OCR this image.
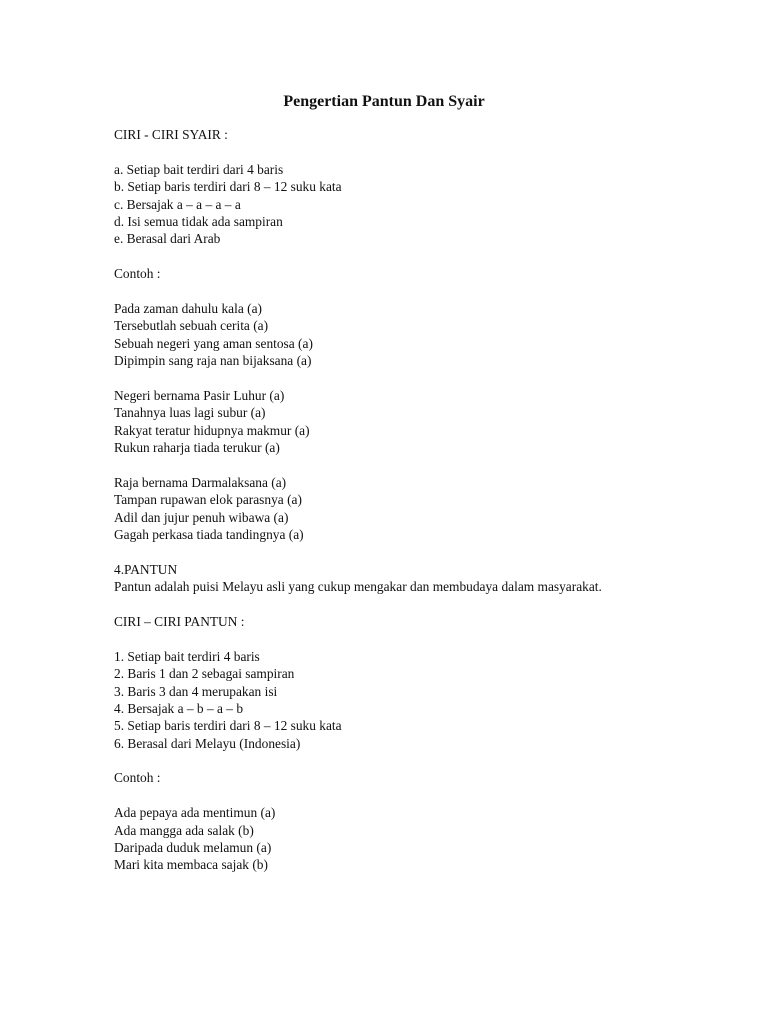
Pengertian Pantun Dan Syair
CIRI - CIRI SYAIR :
a. Setiap bait terdiri dari 4 baris
b. Setiap baris terdiri dari 8 – 12 suku kata
c. Bersajak a – a – a – a
d. Isi semua tidak ada sampiran
e. Berasal dari Arab
Contoh :
Pada zaman dahulu kala (a)
Tersebutlah sebuah cerita (a)
Sebuah negeri yang aman sentosa (a)
Dipimpin sang raja nan bijaksana (a)
Negeri bernama Pasir Luhur (a)
Tanahnya luas lagi subur (a)
Rakyat teratur hidupnya makmur (a)
Rukun raharja tiada terukur (a)
Raja bernama Darmalaksana (a)
Tampan rupawan elok parasnya (a)
Adil dan jujur penuh wibawa (a)
Gagah perkasa tiada tandingnya (a)
4.PANTUN
Pantun adalah puisi Melayu asli yang cukup mengakar dan membudaya dalam masyarakat.
CIRI – CIRI PANTUN :
1. Setiap bait terdiri 4 baris
2. Baris 1 dan 2 sebagai sampiran
3. Baris 3 dan 4 merupakan isi
4. Bersajak a – b – a – b
5. Setiap baris terdiri dari 8 – 12 suku kata
6. Berasal dari Melayu (Indonesia)
Contoh :
Ada pepaya ada mentimun (a)
Ada mangga ada salak (b)
Daripada duduk melamun (a)
Mari kita membaca sajak (b)
